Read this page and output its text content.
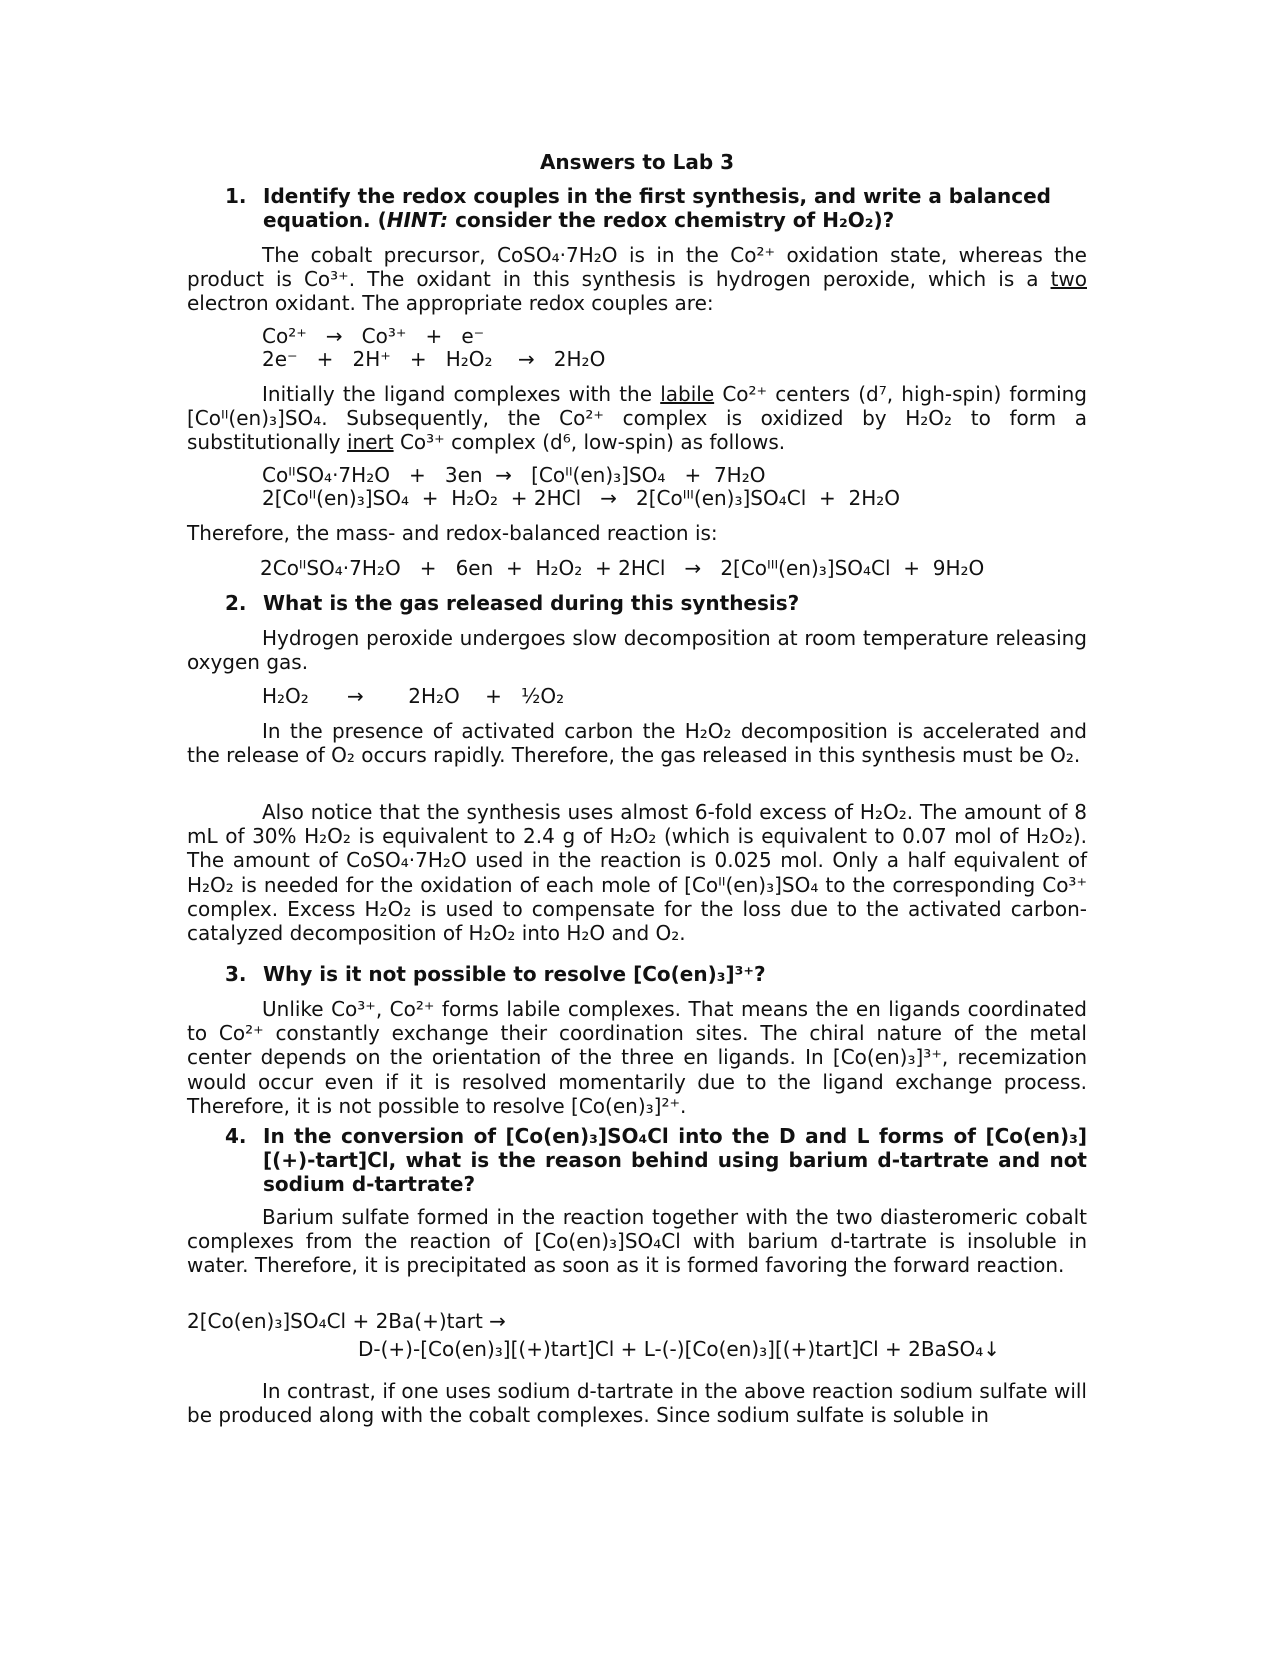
Answers to Lab 3
1. Identify the redox couples in the first synthesis, and write a balanced equation. (HINT: consider the redox chemistry of H₂O₂)?

The cobalt precursor, CoSO₄·7H₂O is in the Co²⁺ oxidation state, whereas the product is Co³⁺. The oxidant in this synthesis is hydrogen peroxide, which is a two electron oxidant. The appropriate redox couples are:

Co²⁺   →   Co³⁺   +   e⁻
2e⁻   +   2H⁺   +   H₂O₂    →   2H₂O

Initially the ligand complexes with the labile Co²⁺ centers (d⁷, high-spin) forming [Coᴵᴵ(en)₃]SO₄. Subsequently, the Co²⁺ complex is oxidized by H₂O₂ to form a substitutionally inert Co³⁺ complex (d⁶, low-spin) as follows.

CoᴵᴵSO₄·7H₂O   +   3en  →   [Coᴵᴵ(en)₃]SO₄   +  7H₂O
2[Coᴵᴵ(en)₃]SO₄  +  H₂O₂  + 2HCl   →   2[Coᴵᴵᴵ(en)₃]SO₄Cl  +  2H₂O
Therefore, the mass- and redox-balanced reaction is:
2CoᴵᴵSO₄·7H₂O   +   6en  +  H₂O₂  + 2HCl   →   2[Coᴵᴵᴵ(en)₃]SO₄Cl  +  9H₂O
2. What is the gas released during this synthesis?

Hydrogen peroxide undergoes slow decomposition at room temperature releasing oxygen gas.

H₂O₂      →       2H₂O    +   ½O₂

In the presence of activated carbon the H₂O₂ decomposition is accelerated and the release of O₂ occurs rapidly. Therefore, the gas released in this synthesis must be O₂.

Also notice that the synthesis uses almost 6-fold excess of H₂O₂. The amount of 8 mL of 30% H₂O₂ is equivalent to 2.4 g of H₂O₂ (which is equivalent to 0.07 mol of H₂O₂). The amount of CoSO₄·7H₂O used in the reaction is 0.025 mol. Only a half equivalent of H₂O₂ is needed for the oxidation of each mole of [Coᴵᴵ(en)₃]SO₄ to the corresponding Co³⁺ complex. Excess H₂O₂ is used to compensate for the loss due to the activated carbon-catalyzed decomposition of H₂O₂ into H₂O and O₂.

3. Why is it not possible to resolve [Co(en)₃]³⁺?

Unlike Co³⁺, Co²⁺ forms labile complexes. That means the en ligands coordinated to Co²⁺ constantly exchange their coordination sites. The chiral nature of the metal center depends on the orientation of the three en ligands. In [Co(en)₃]³⁺, recemization would occur even if it is resolved momentarily due to the ligand exchange process. Therefore, it is not possible to resolve [Co(en)₃]²⁺.

4. In the conversion of [Co(en)₃]SO₄Cl into the D and L forms of [Co(en)₃][(+)-tart]Cl, what is the reason behind using barium d-tartrate and not sodium d-tartrate?

Barium sulfate formed in the reaction together with the two diasteromeric cobalt complexes from the reaction of [Co(en)₃]SO₄Cl with barium d-tartrate is insoluble in water. Therefore, it is precipitated as soon as it is formed favoring the forward reaction.

2[Co(en)₃]SO₄Cl + 2Ba(+)tart →
D-(+)-[Co(en)₃][(+)tart]Cl + L-(-)[Co(en)₃][(+)tart]Cl + 2BaSO₄↓

In contrast, if one uses sodium d-tartrate in the above reaction sodium sulfate will be produced along with the cobalt complexes. Since sodium sulfate is soluble in
